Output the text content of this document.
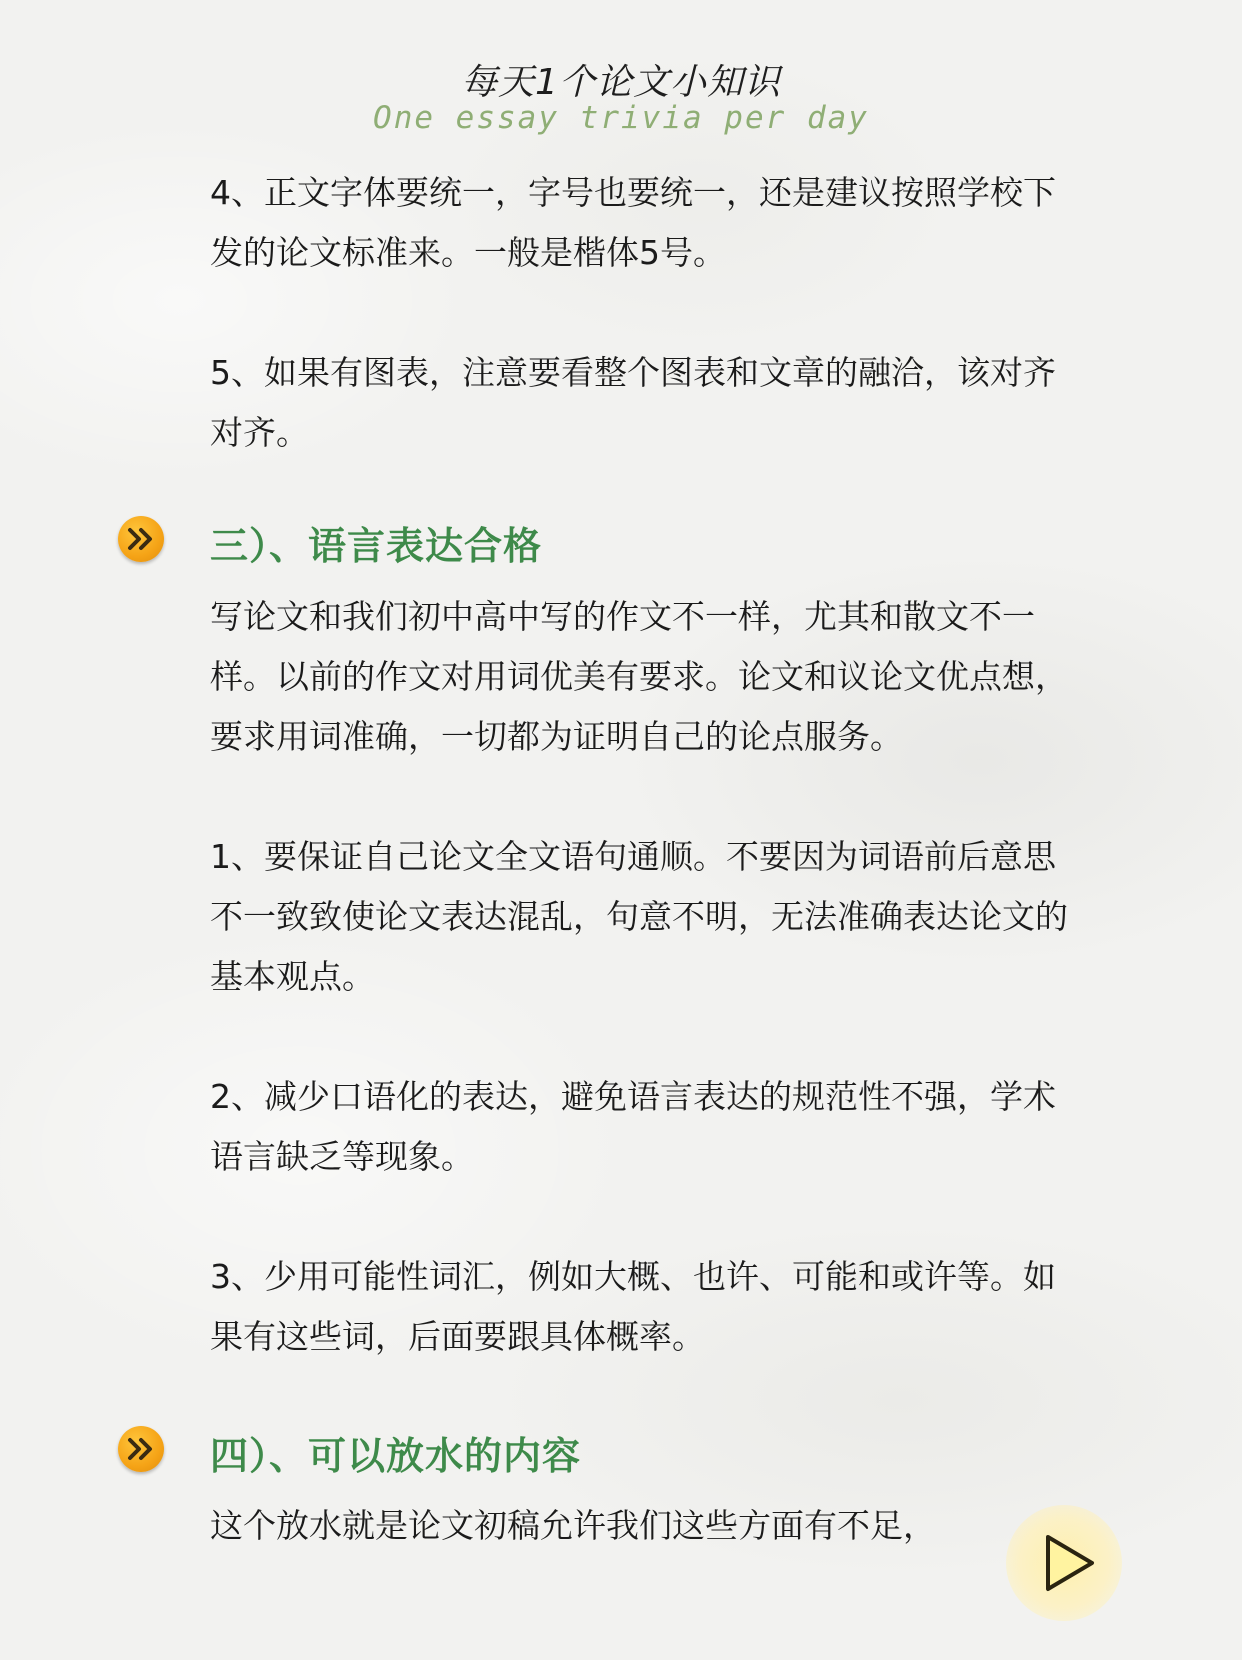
每天1个论文小知识
One essay trivia per day

4、正文字体要统一，字号也要统一，还是建议按照学校下发的论文标准来。一般是楷体5号。

5、如果有图表，注意要看整个图表和文章的融洽，该对齐对齐。

三）、语言表达合格

写论文和我们初中高中写的作文不一样，尤其和散文不一样。以前的作文对用词优美有要求。论文和议论文优点想，要求用词准确，一切都为证明自己的论点服务。

1、要保证自己论文全文语句通顺。不要因为词语前后意思不一致致使论文表达混乱，句意不明，无法准确表达论文的基本观点。

2、减少口语化的表达，避免语言表达的规范性不强，学术语言缺乏等现象。

3、少用可能性词汇，例如大概、也许、可能和或许等。如果有这些词，后面要跟具体概率。

四）、可以放水的内容

这个放水就是论文初稿允许我们这些方面有不足，
